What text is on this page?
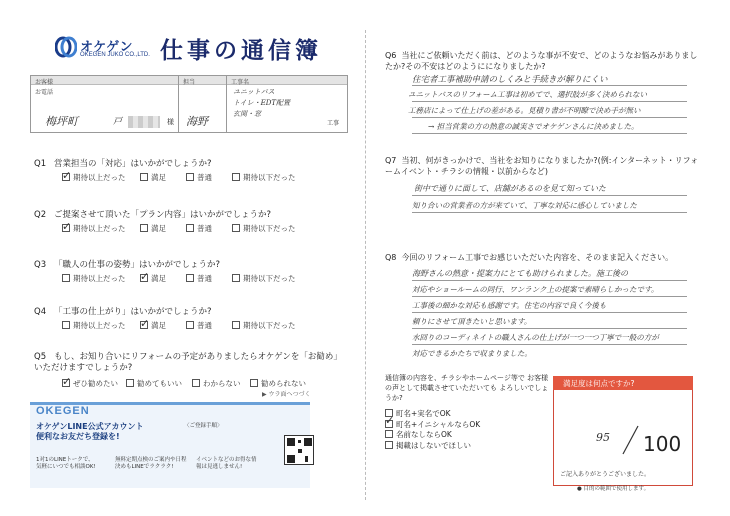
オケゲン
OKEGEN JUKO CO.,LTD. 仕事の通信簿
お客様
お電話
梅坪町	戸	様
担当
海野
工事名
ユニットバス
トイレ・EDT配置
玄関・窓
工事
Q1 営業担当の「対応」はいかがでしょうか?
✓期待以上だった	満足	普通	期待以下だった
Q2 ご提案させて頂いた「プラン内容」はいかがでしょうか?
✓期待以上だった	満足	普通	期待以下だった
Q3 「職人の仕事の姿勢」はいかがでしょうか?
期待以上だった ✓	満足	普通	期待以下だった
Q4 「工事の仕上がり」はいかがでしょうか?
期待以上だった ✓	満足	普通	期待以下だった
Q5 もし、お知り合いにリフォームの予定がありましたらオケゲンを「お勧め」いただけますでしょうか?
✓ぜひ勧めたい	勧めてもいい	わからない	勧められない
▶ ウラ面へつづく
OKEGEN
オケゲンLINE公式アカウント
便利なお友だち登録を!
〈ご登録手順〉
1对1のLINEトークで、気軽にいつでも相談OK!
無料定期点検のご案内や日程決めもLINEでラクラク!
イベントなどのお得な情報は見逃しません!
Q6 当社にご依頼いただく前は、どのような事が不安で、どのようなお悩みがありましたか?その不安はどのようにになりましたか?
住宅者工事補助申請のしくみと手続きが解りにくい
ユニットバスのリフォーム工事は初めてで、選択肢が多く決められない
工務店によって仕上げの差がある。見積り書が不明瞭で決め手が無い
→ 担当営業の方の熱意の誠実さでオケゲンさんに決めました。
Q7 当初、何がきっかけで、当社をお知りになりましたか?(例:インターネット・リフォームイベント・チラシの情報・以前からなど)
街中で通りに面して、店舗があるのを見て知っていた
知り合いの営業者の方が来ていて、丁寧な対応に感心していました
Q8 今回のリフォーム工事でお感じいただいた内容を、そのまま記入ください。
海野さんの熱意・提案力にとても助けられました。施工後の
対応やショールームの同行、ワンランク上の提案で素晴らしかったです。
工事後の細かな対応も感謝です。住宅の内容で良く今後も
頼りにさせて頂きたいと思います。
水回りのコーディネイトの職人さんの仕上げが一つ一つ丁寧で一般の方が
対応できるかたちで収まりました。
通信簿の内容を、チラシやホームページ等で お客様の声として掲載させていただいても よろしいでしょうか?
町名+実名でOK
✓町名+イニシャルならOK
名前なしならOK
掲載はしないでほしい
満足度は何点ですか?
95 100
ご記入ありがとうございました。
● 目的の範囲で使用します。
